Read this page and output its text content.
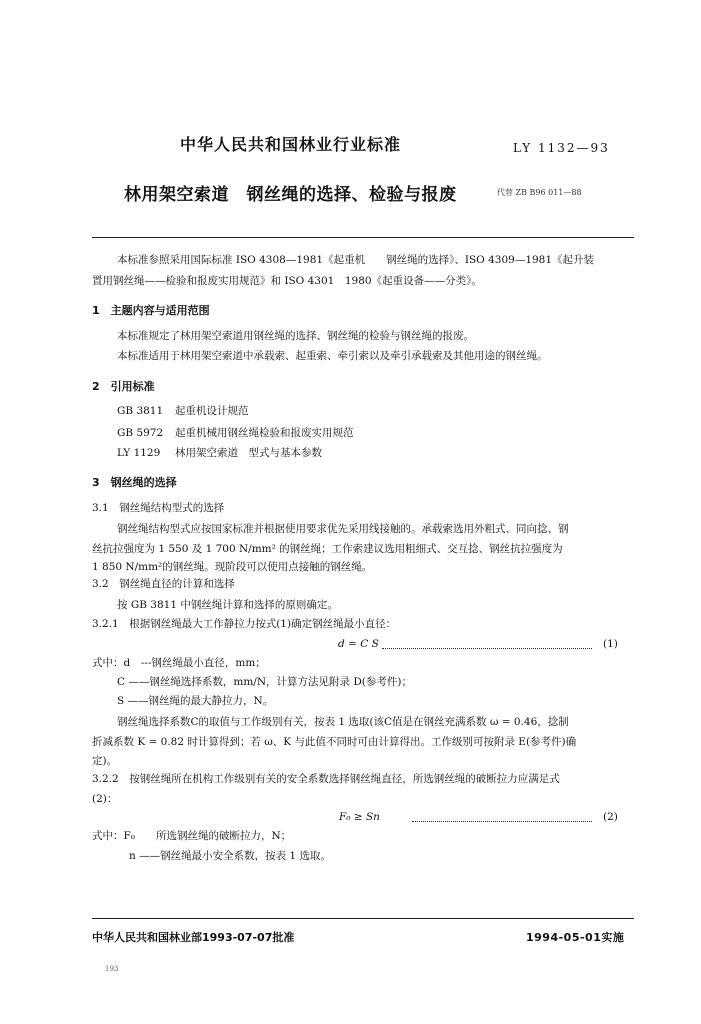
中华人民共和国林业行业标准	LY 1132—93
林用架空索道　钢丝绳的选择、检验与报废	代替 ZB B96 011—88
本标准参照采用国际标准 ISO 4308—1981《起重机　　钢丝绳的选择》、ISO 4309—1981《起升装
置用钢丝绳——检验和报废实用规范》和 ISO 4301　1980《起重设备——分类》。
1　主题内容与适用范围
本标准规定了林用架空索道用钢丝绳的选择、钢丝绳的检验与钢丝绳的报废。
本标准适用于林用架空索道中承载索、起重索、牵引索以及牵引承载索及其他用途的钢丝绳。
2　引用标准
GB 3811 起重机设计规范
GB 5972 起重机械用钢丝绳检验和报废实用规范
LY 1129 林用架空索道　型式与基本参数
3　钢丝绳的选择
3.1　钢丝绳结构型式的选择
钢丝绳结构型式应按国家标准并根据使用要求优先采用线接触的。承载索选用外粗式、同向捻、钢
丝抗拉强度为 1 550 及 1 700 N/mm² 的钢丝绳；工作索建议选用粗细式、交互捻、钢丝抗拉强度为
1 850 N/mm²的钢丝绳。现阶段可以使用点接触的钢丝绳。
3.2　钢丝绳直径的计算和选择
按 GB 3811 中钢丝绳计算和选择的原则确定。
3.2.1　根据钢丝绳最大工作静拉力按式(1)确定钢丝绳最小直径：
d = C S	(1)
式中：d　---钢丝绳最小直径，mm；
C ——钢丝绳选择系数，mm/N，计算方法见附录 D(参考件)；
S ——钢丝绳的最大静拉力，N。
钢丝绳选择系数C的取值与工作级别有关，按表 1 选取(该C值是在钢丝充满系数 ω = 0.46，捻制
折减系数 K = 0.82 时计算得到；若 ω、K 与此值不同时可由计算得出。工作级别可按附录 E(参考件)确
定)。
3.2.2　按钢丝绳所在机构工作级别有关的安全系数选择钢丝绳直径，所选钢丝绳的破断拉力应满足式
(2)：
F₀ ≥ Sn	(2)
式中：F₀　　所选钢丝绳的破断拉力，N；
n ——钢丝绳最小安全系数，按表 1 选取。
中华人民共和国林业部1993-07-07批准	1994-05-01实施
193
